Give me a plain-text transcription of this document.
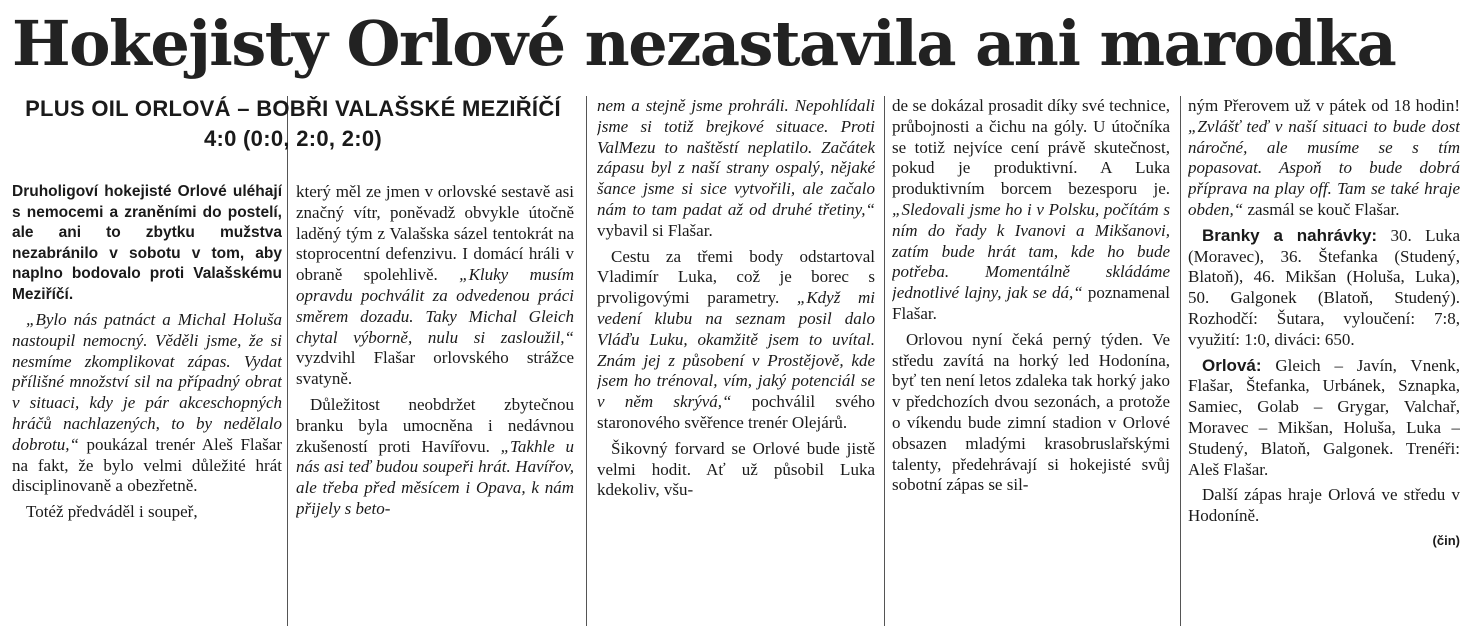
Hokejisty Orlové nezastavila ani marodka
PLUS OIL ORLOVÁ – BOBŘI VALAŠSKÉ MEZIŘÍČÍ
4:0 (0:0, 2:0, 2:0)

Druholigoví hokejisté Orlové uléhají s nemocemi a zraněními do postelí, ale ani to zbytku mužstva nezabránilo v sobotu v tom, aby naplno bodovalo proti Valašskému Meziříčí.

„Bylo nás patnáct a Michal Holuša nastoupil nemocný. Věděli jsme, že si nesmíme zkomplikovat zápas. Vydat přílišné množství sil na případný obrat v situaci, kdy je pár akceschopných hráčů nachlazených, to by nedělalo dobrotu,“ poukázal trenér Aleš Flašar na fakt, že bylo velmi důležité hrát disciplinovaně a obezřetně.

Totéž předváděl i soupeř,

který měl ze jmen v orlovské sestavě asi značný vítr, poněvadž obvykle útočně laděný tým z Valašska sázel tentokrát na stoprocentní defenzivu. I domácí hráli v obraně spolehlivě. „Kluky musím opravdu pochválit za odvedenou práci směrem dozadu. Taky Michal Gleich chytal výborně, nulu si zasloužil,“ vyzdvihl Flašar orlovského strážce svatyně.

Důležitost neobdržet zbytečnou branku byla umocněna i nedávnou zkušeností proti Havířovu. „Takhle u nás asi teď budou soupeři hrát. Havířov, ale třeba před měsícem i Opava, k nám přijely s beto-

nem a stejně jsme prohráli. Nepohlídali jsme si totiž brejkové situace. Proti ValMezu to naštěstí neplatilo. Začátek zápasu byl z naší strany ospalý, nějaké šance jsme si sice vytvořili, ale začalo nám to tam padat až od druhé třetiny,“ vybavil si Flašar.

Cestu za třemi body odstartoval Vladimír Luka, což je borec s prvoligovými parametry. „Když mi vedení klubu na seznam posil dalo Vláďu Luku, okamžitě jsem to uvítal. Znám jej z působení v Prostějově, kde jsem ho trénoval, vím, jaký potenciál se v něm skrývá,“ pochválil svého staronového svěřence trenér Olejárů.

Šikovný forvard se Orlové bude jistě velmi hodit. Ať už působil Luka kdekoliv, všu-

de se dokázal prosadit díky své technice, průbojnosti a čichu na góly. U útočníka se totiž nejvíce cení právě skutečnost, pokud je produktivní. A Luka produktivním borcem bezesporu je. „Sledovali jsme ho i v Polsku, počítám s ním do řady k Ivanovi a Mikšanovi, zatím bude hrát tam, kde ho bude potřeba. Momentálně skládáme jednotlivé lajny, jak se dá,“ poznamenal Flašar.

Orlovou nyní čeká perný týden. Ve středu zavítá na horký led Hodonína, byť ten není letos zdaleka tak horký jako v předchozích dvou sezonách, a protože o víkendu bude zimní stadion v Orlové obsazen mladými krasobruslařskými talenty, předehrávají si hokejisté svůj sobotní zápas se sil-

ným Přerovem už v pátek od 18 hodin! „Zvlášť teď v naší situaci to bude dost náročné, ale musíme se s tím popasovat. Aspoň to bude dobrá příprava na play off. Tam se také hraje obden,“ zasmál se kouč Flašar.

Branky a nahrávky: 30. Luka (Moravec), 36. Štefanka (Studený, Blatoň), 46. Mikšan (Holuša, Luka), 50. Galgonek (Blatoň, Studený). Rozhodčí: Šutara, vyloučení: 7:8, využití: 1:0, diváci: 650.

Orlová: Gleich – Javín, Vnenk, Flašar, Štefanka, Urbánek, Sznapka, Samiec, Golab – Grygar, Valchař, Moravec – Mikšan, Holuša, Luka – Studený, Blatoň, Galgonek. Trenéři: Aleš Flašar.

Další zápas hraje Orlová ve středu v Hodoníně.

(čin)
